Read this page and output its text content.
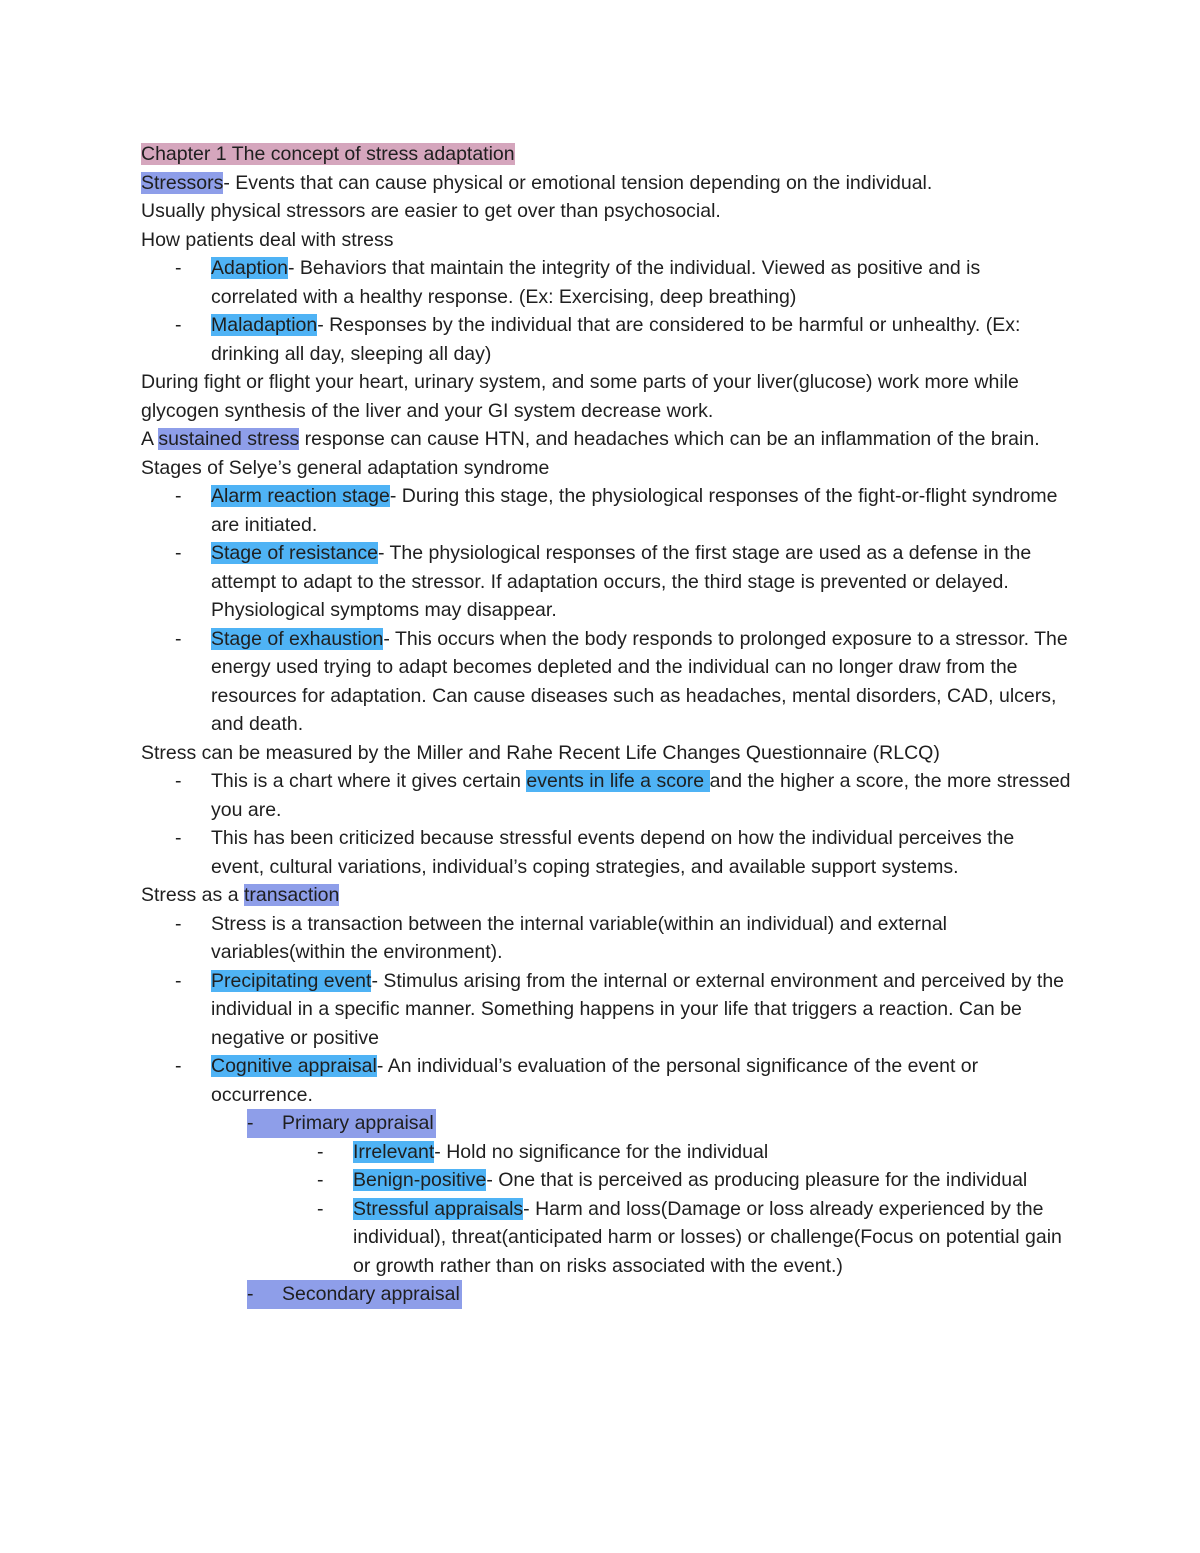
Chapter 1 The concept of stress adaptation

Stressors- Events that can cause physical or emotional tension depending on the individual.
Usually physical stressors are easier to get over than psychosocial.

How patients deal with stress

- Adaption- Behaviors that maintain the integrity of the individual. Viewed as positive and is correlated with a healthy response. (Ex: Exercising, deep breathing)

- Maladaption- Responses by the individual that are considered to be harmful or unhealthy. (Ex: drinking all day, sleeping all day)

During fight or flight your heart, urinary system, and some parts of your liver(glucose) work more while glycogen synthesis of the liver and your GI system decrease work.

A sustained stress response can cause HTN, and headaches which can be an inflammation of the brain.

Stages of Selye’s general adaptation syndrome

- Alarm reaction stage- During this stage, the physiological responses of the fight-or-flight syndrome are initiated.

- Stage of resistance- The physiological responses of the first stage are used as a defense in the attempt to adapt to the stressor. If adaptation occurs, the third stage is prevented or delayed. Physiological symptoms may disappear.

- Stage of exhaustion- This occurs when the body responds to prolonged exposure to a stressor. The energy used trying to adapt becomes depleted and the individual can no longer draw from the resources for adaptation. Can cause diseases such as headaches, mental disorders, CAD, ulcers, and death.

Stress can be measured by the Miller and Rahe Recent Life Changes Questionnaire (RLCQ)

- This is a chart where it gives certain events in life a score and the higher a score, the more stressed you are.

- This has been criticized because stressful events depend on how the individual perceives the event, cultural variations, individual’s coping strategies, and available support systems.

Stress as a transaction

- Stress is a transaction between the internal variable(within an individual) and external variables(within the environment).

- Precipitating event- Stimulus arising from the internal or external environment and perceived by the individual in a specific manner. Something happens in your life that triggers a reaction. Can be negative or positive

- Cognitive appraisal- An individual’s evaluation of the personal significance of the event or occurrence.

- Primary appraisal

- Irrelevant- Hold no significance for the individual

- Benign-positive- One that is perceived as producing pleasure for the individual

- Stressful appraisals- Harm and loss(Damage or loss already experienced by the individual), threat(anticipated harm or losses) or challenge(Focus on potential gain or growth rather than on risks associated with the event.)

- Secondary appraisal
